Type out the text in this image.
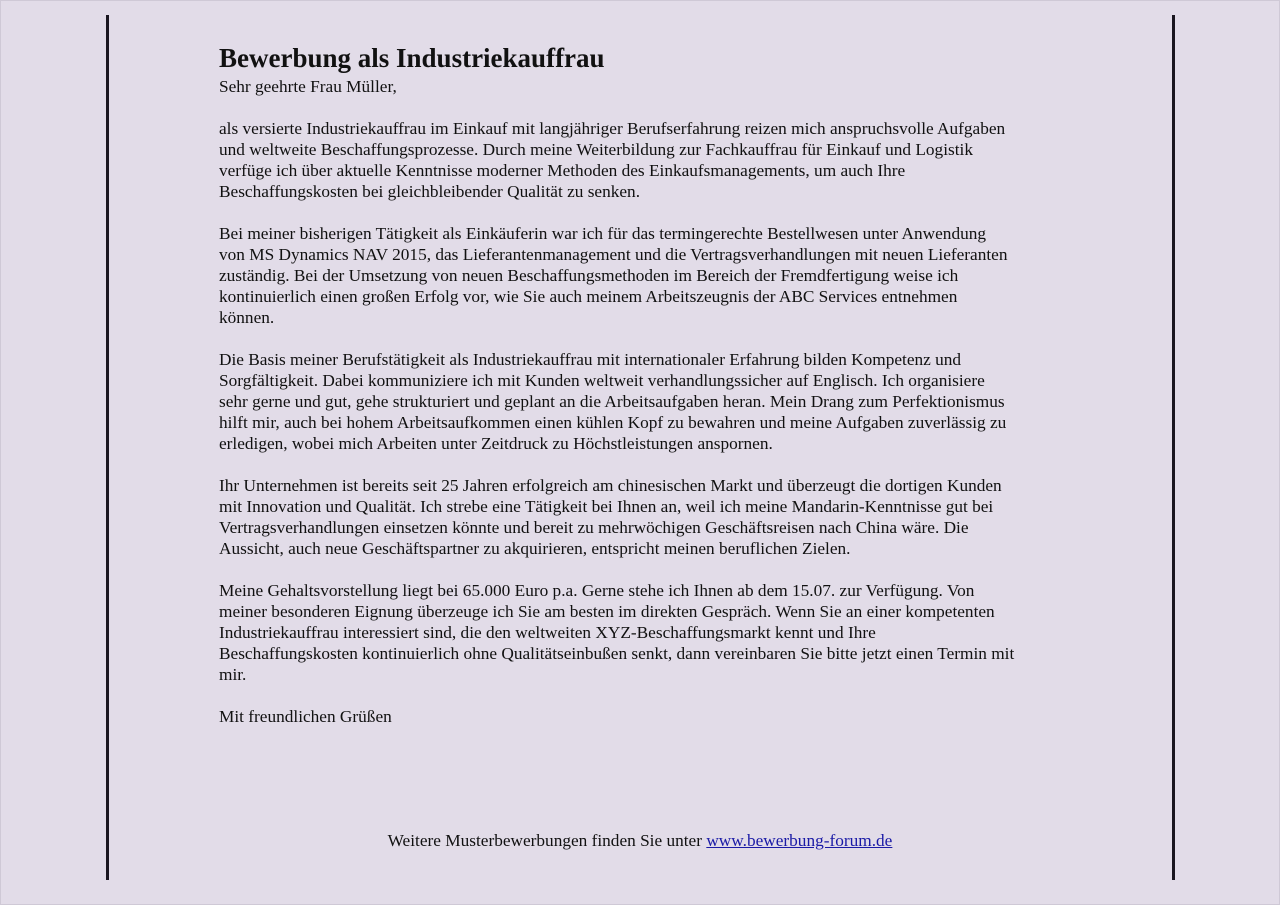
Bewerbung als Industriekauffrau

Sehr geehrte Frau Müller,

als versierte Industriekauffrau im Einkauf mit langjähriger Berufserfahrung reizen mich anspruchsvolle Aufgaben
und weltweite Beschaffungsprozesse. Durch meine Weiterbildung zur Fachkauffrau für Einkauf und Logistik
verfüge ich über aktuelle Kenntnisse moderner Methoden des Einkaufsmanagements, um auch Ihre
Beschaffungskosten bei gleichbleibender Qualität zu senken.

Bei meiner bisherigen Tätigkeit als Einkäuferin war ich für das termingerechte Bestellwesen unter Anwendung
von MS Dynamics NAV 2015, das Lieferantenmanagement und die Vertragsverhandlungen mit neuen Lieferanten
zuständig. Bei der Umsetzung von neuen Beschaffungsmethoden im Bereich der Fremdfertigung weise ich
kontinuierlich einen großen Erfolg vor, wie Sie auch meinem Arbeitszeugnis der ABC Services entnehmen
können.

Die Basis meiner Berufstätigkeit als Industriekauffrau mit internationaler Erfahrung bilden Kompetenz und
Sorgfältigkeit. Dabei kommuniziere ich mit Kunden weltweit verhandlungssicher auf Englisch. Ich organisiere
sehr gerne und gut, gehe strukturiert und geplant an die Arbeitsaufgaben heran. Mein Drang zum Perfektionismus
hilft mir, auch bei hohem Arbeitsaufkommen einen kühlen Kopf zu bewahren und meine Aufgaben zuverlässig zu
erledigen, wobei mich Arbeiten unter Zeitdruck zu Höchstleistungen anspornen.

Ihr Unternehmen ist bereits seit 25 Jahren erfolgreich am chinesischen Markt und überzeugt die dortigen Kunden
mit Innovation und Qualität. Ich strebe eine Tätigkeit bei Ihnen an, weil ich meine Mandarin-Kenntnisse gut bei
Vertragsverhandlungen einsetzen könnte und bereit zu mehrwöchigen Geschäftsreisen nach China wäre. Die
Aussicht, auch neue Geschäftspartner zu akquirieren, entspricht meinen beruflichen Zielen.

Meine Gehaltsvorstellung liegt bei 65.000 Euro p.a. Gerne stehe ich Ihnen ab dem 15.07. zur Verfügung. Von
meiner besonderen Eignung überzeuge ich Sie am besten im direkten Gespräch. Wenn Sie an einer kompetenten
Industriekauffrau interessiert sind, die den weltweiten XYZ-Beschaffungsmarkt kennt und Ihre
Beschaffungskosten kontinuierlich ohne Qualitätseinbußen senkt, dann vereinbaren Sie bitte jetzt einen Termin mit
mir.

Mit freundlichen Grüßen

Weitere Musterbewerbungen finden Sie unter www.bewerbung-forum.de
